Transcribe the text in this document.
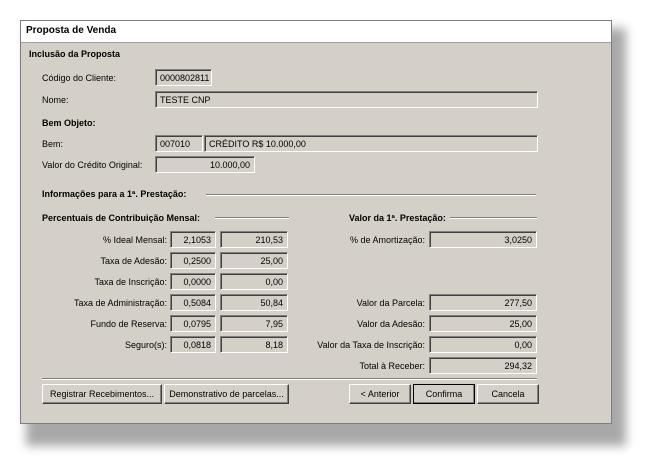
Proposta de Venda
Inclusão da Proposta
Código do Cliente:	0000802811
Nome:	TESTE CNP
Bem Objeto:
Bem:	007010	CRÉDITO R$ 10.000,00
Valor do Crédito Original:	10.000,00
Informações para a 1ª. Prestação:
Percentuais de Contribuição Mensal:
% Ideal Mensal:	2,1053	210,53
Taxa de Adesão:	0,2500	25,00
Taxa de Inscrição:	0,0000	0,00
Taxa de Administração:	0,5084	50,84
Fundo de Reserva:	0,0795	7,95
Seguro(s):	0,0818	8,18
Valor da 1ª. Prestação:
% de Amortização:	3,0250
Valor da Parcela:	277,50
Valor da Adesão:	25,00
Valor da Taxa de Inscrição:	0,00
Total à Receber:	294,32
Registrar Recebimentos...	Demonstrativo de parcelas...	< Anterior	Confirma	Cancela
